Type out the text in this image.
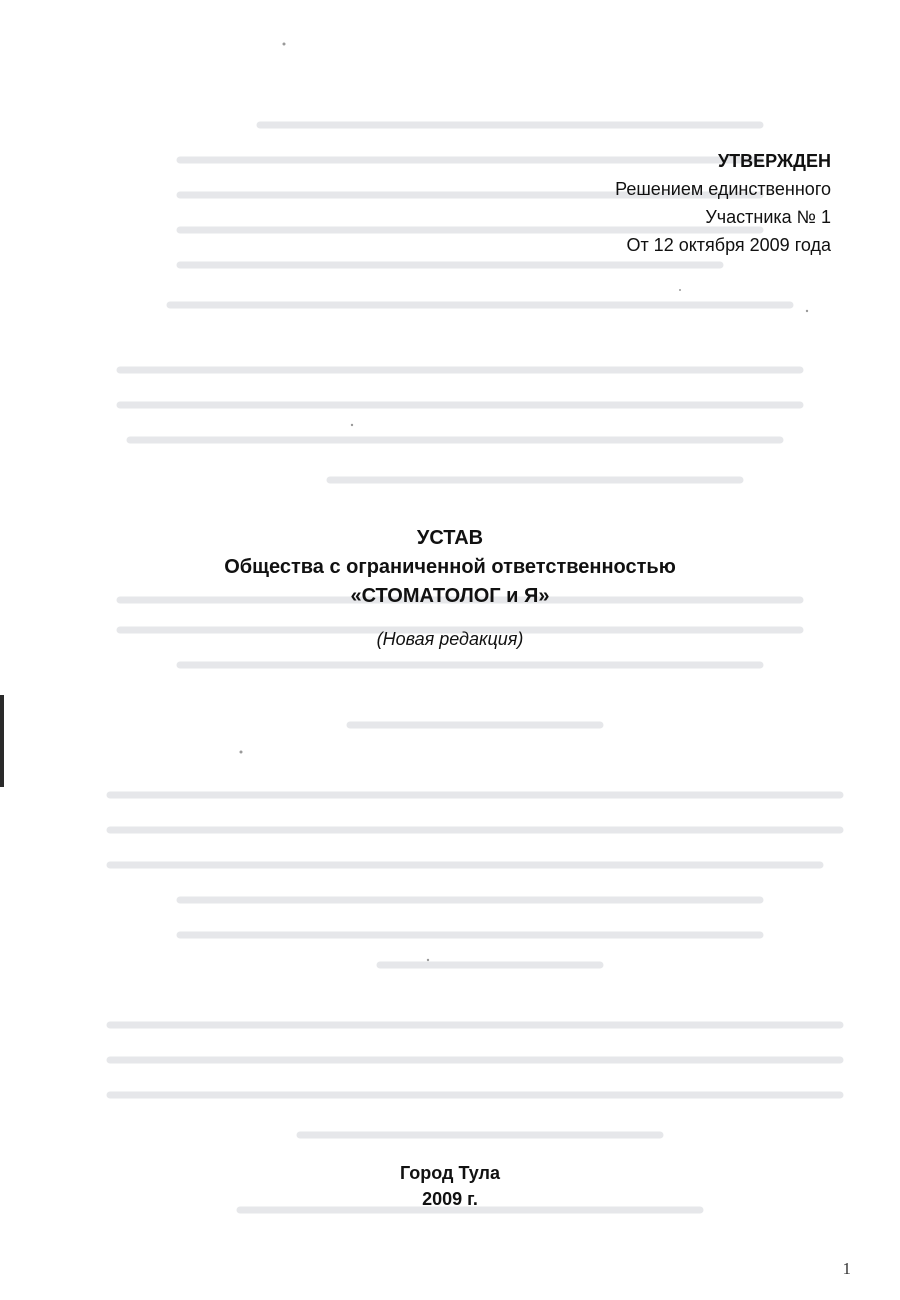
УТВЕРЖДЕН
Решением единственного
Участника № 1
От 12 октября 2009 года
УСТАВ
Общества с ограниченной ответственностью
«СТОМАТОЛОГ и Я»
(Новая редакция)
Город Тула
2009 г.
1
